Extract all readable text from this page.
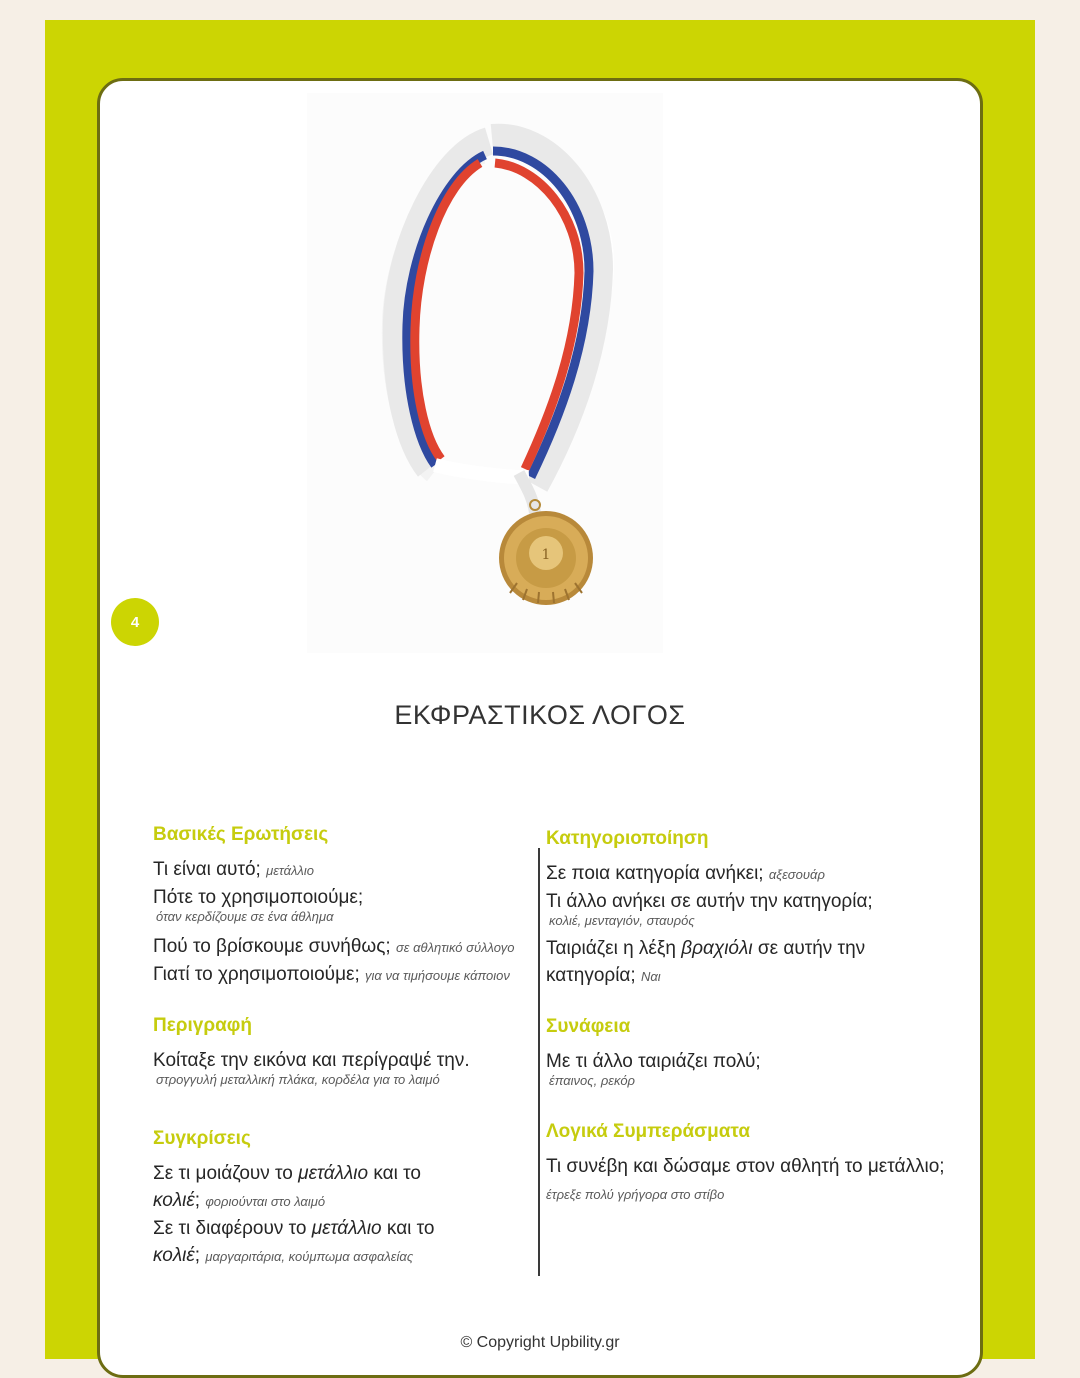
1
4
ΕΚΦΡΑΣΤΙΚΟΣ ΛΟΓΟΣ
Βασικές Ερωτήσεις
Τι είναι αυτό; μετάλλιο
Πότε το χρησιμοποιούμε;
όταν κερδίζουμε σε ένα άθλημα
Πού το βρίσκουμε συνήθως; σε αθλητικό σύλλογο
Γιατί το χρησιμοποιούμε; για να τιμήσουμε κάποιον
Περιγραφή
Κοίταξε την εικόνα και περίγραψέ την.
στρογγυλή μεταλλική πλάκα, κορδέλα για το λαιμό
Συγκρίσεις
Σε τι μοιάζουν το μετάλλιο και το
κολιέ; φοριούνται στο λαιμό
Σε τι διαφέρουν το μετάλλιο και το
κολιέ; μαργαριτάρια, κούμπωμα ασφαλείας
Κατηγοριοποίηση
Σε ποια κατηγορία ανήκει; αξεσουάρ
Τι άλλο ανήκει σε αυτήν την κατηγορία;
κολιέ, μενταγιόν, σταυρός
Ταιριάζει η λέξη βραχιόλι σε αυτήν την κατηγορία; Ναι
Συνάφεια
Με τι άλλο ταιριάζει πολύ;
έπαινος, ρεκόρ
Λογικά Συμπεράσματα
Τι συνέβη και δώσαμε στον αθλητή το μετάλλιο; έτρεξε πολύ γρήγορα στο στίβο
© Copyright Upbility.gr
